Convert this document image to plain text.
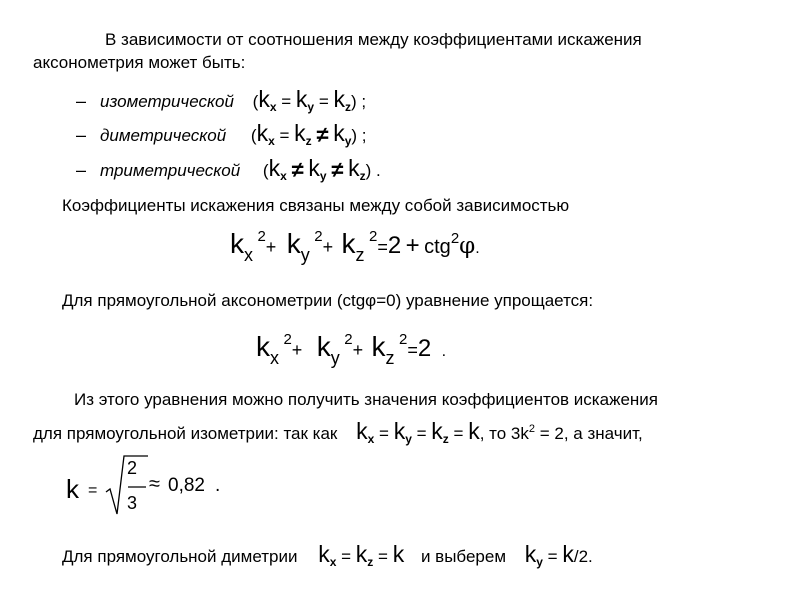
В зависимости от соотношения между коэффициентами искажения
аксонометрия может быть:
– изометрической $(k_x = k_y = k_z)$ ;
– диметрической $(k_x = k_z \ne k_y)$ ;
– триметрической $(k_x \ne k_y \ne k_z)$ .
Коэффициенты искажения связаны между собой зависимостью
kx 2+ ky 2+ kz 2=2 + ctg2φ.
Для прямоугольной аксонометрии (ctgφ=0) уравнение упрощается:
kx 2+ ky 2+ kz 2=2 .
Из этого уравнения можно получить значения коэффициентов искажения
для прямоугольной изометрии: так как $k_x = k_y = k_z = k$, то $3k^2 = 2$, а значит,
k =
2
3
≈ 0,82 .
Для прямоугольной диметрии $k_x = k_z = k$ и выберем $k_y = k/2$.
